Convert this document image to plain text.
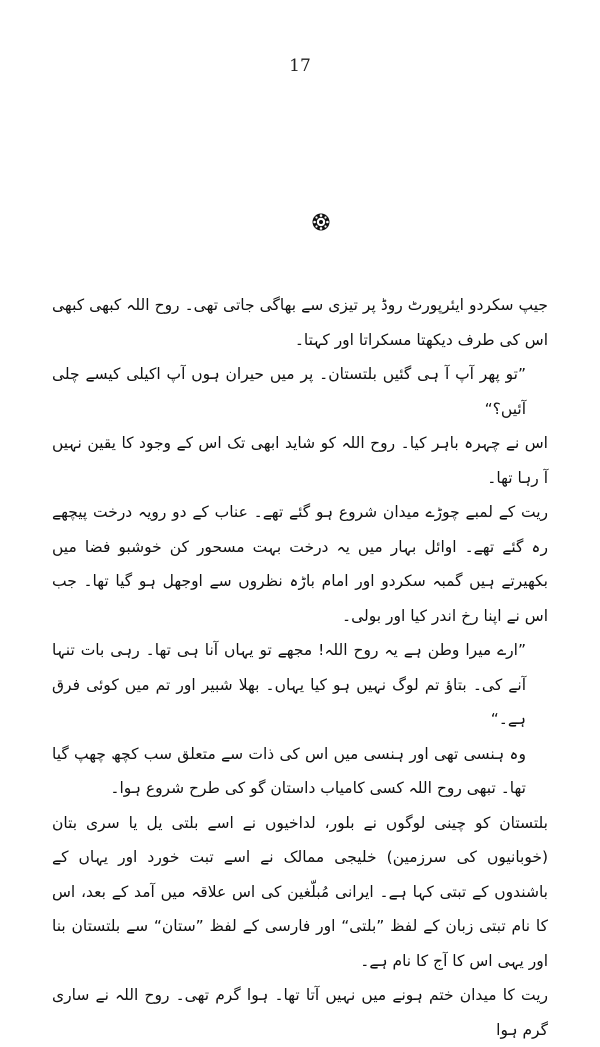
17

جیپ سکردو ایئرپورٹ روڈ پر تیزی سے بھاگی جاتی تھی۔ روح اللہ کبھی کبھی اس کی طرف دیکھتا مسکراتا اور کہتا۔

”تو پھر آپ آ ہی گئیں بلتستان۔ پر میں حیران ہوں آپ اکیلی کیسے چلی آئیں؟“

اس نے چہرہ باہر کیا۔ روح اللہ کو شاید ابھی تک اس کے وجود کا یقین نہیں آ رہا تھا۔

ریت کے لمبے چوڑے میدان شروع ہو گئے تھے۔ عناب کے دو رویہ درخت پیچھے رہ گئے تھے۔ اوائل بہار میں یہ درخت بہت مسحور کن خوشبو فضا میں بکھیرتے ہیں گمبہ سکردو اور امام باڑہ نظروں سے اوجھل ہو گیا تھا۔ جب اس نے اپنا رخ اندر کیا اور بولی۔

”ارے میرا وطن ہے یہ روح اللہ! مجھے تو یہاں آنا ہی تھا۔ رہی بات تنہا آنے کی۔ بتاؤ تم لوگ نہیں ہو کیا یہاں۔ بھلا شبیر اور تم میں کوئی فرق ہے۔“

وہ ہنسی تھی اور ہنسی میں اس کی ذات سے متعلق سب کچھ چھپ گیا تھا۔ تبھی روح اللہ کسی کامیاب داستان گو کی طرح شروع ہوا۔

بلتستان کو چینی لوگوں نے بلور، لداخیوں نے اسے بلتی یل یا سری بتان (خوبانیوں کی سرزمین) خلیجی ممالک نے اسے تبت خورد اور یہاں کے باشندوں کے تبتی کہا ہے۔ ایرانی مُبلّغین کی اس علاقہ میں آمد کے بعد، اس کا نام تبتی زبان کے لفظ ”بلتی“ اور فارسی کے لفظ ”ستان“ سے بلتستان بنا اور یہی اس کا آج کا نام ہے۔

ریت کا میدان ختم ہونے میں نہیں آتا تھا۔ ہوا گرم تھی۔ روح اللہ نے ساری گرم ہوا
